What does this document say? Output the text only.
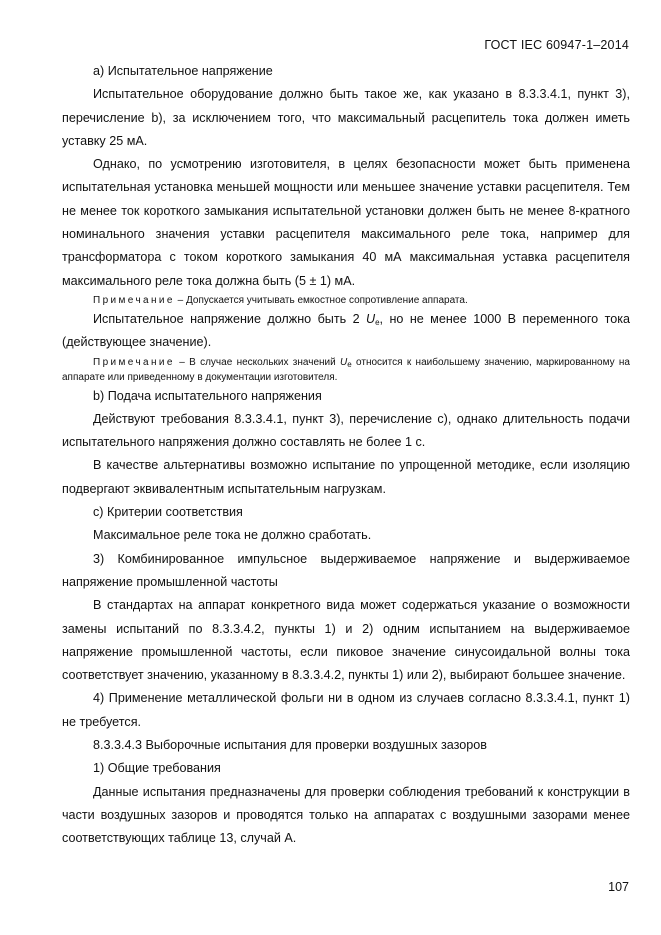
ГОСТ IEC 60947-1–2014

a) Испытательное напряжение

Испытательное оборудование должно быть такое же, как указано в 8.3.3.4.1, пункт 3), перечисление b), за исключением того, что максимальный расцепитель тока должен иметь уставку 25 мА.

Однако, по усмотрению изготовителя, в целях безопасности может быть применена испытательная установка меньшей мощности или меньшее значение уставки расцепителя. Тем не менее ток короткого замыкания испытательной установки должен быть не менее 8-кратного номинального значения уставки расцепителя максимального реле тока, например для трансформатора с током короткого замыкания 40 мА максимальная уставка расцепителя максимального реле тока должна быть (5 ± 1) мА.

Примечание – Допускается учитывать емкостное сопротивление аппарата.

Испытательное напряжение должно быть 2 $U_e$, но не менее 1000 В переменного тока (действующее значение).

Примечание – В случае нескольких значений $U_e$ относится к наибольшему значению, маркированному на аппарате или приведенному в документации изготовителя.

b) Подача испытательного напряжения

Действуют требования 8.3.3.4.1, пункт 3), перечисление с), однако длительность подачи испытательного напряжения должно составлять не более 1 с.

В качестве альтернативы возможно испытание по упрощенной методике, если изоляцию подвергают эквивалентным испытательным нагрузкам.

с) Критерии соответствия

Максимальное реле тока не должно сработать.

3) Комбинированное импульсное выдерживаемое напряжение и выдерживаемое напряжение промышленной частоты

В стандартах на аппарат конкретного вида может содержаться указание о возможности замены испытаний по 8.3.3.4.2, пункты 1) и 2) одним испытанием на выдерживаемое напряжение промышленной частоты, если пиковое значение синусоидальной волны тока соответствует значению, указанному в 8.3.3.4.2, пункты 1) или 2), выбирают большее значение.

4) Применение металлической фольги ни в одном из случаев согласно 8.3.3.4.1, пункт 1) не требуется.

8.3.3.4.3 Выборочные испытания для проверки воздушных зазоров

1) Общие требования

Данные испытания предназначены для проверки соблюдения требований к конструкции в части воздушных зазоров и проводятся только на аппаратах с воздушными зазорами менее соответствующих таблице 13, случай А.

107
